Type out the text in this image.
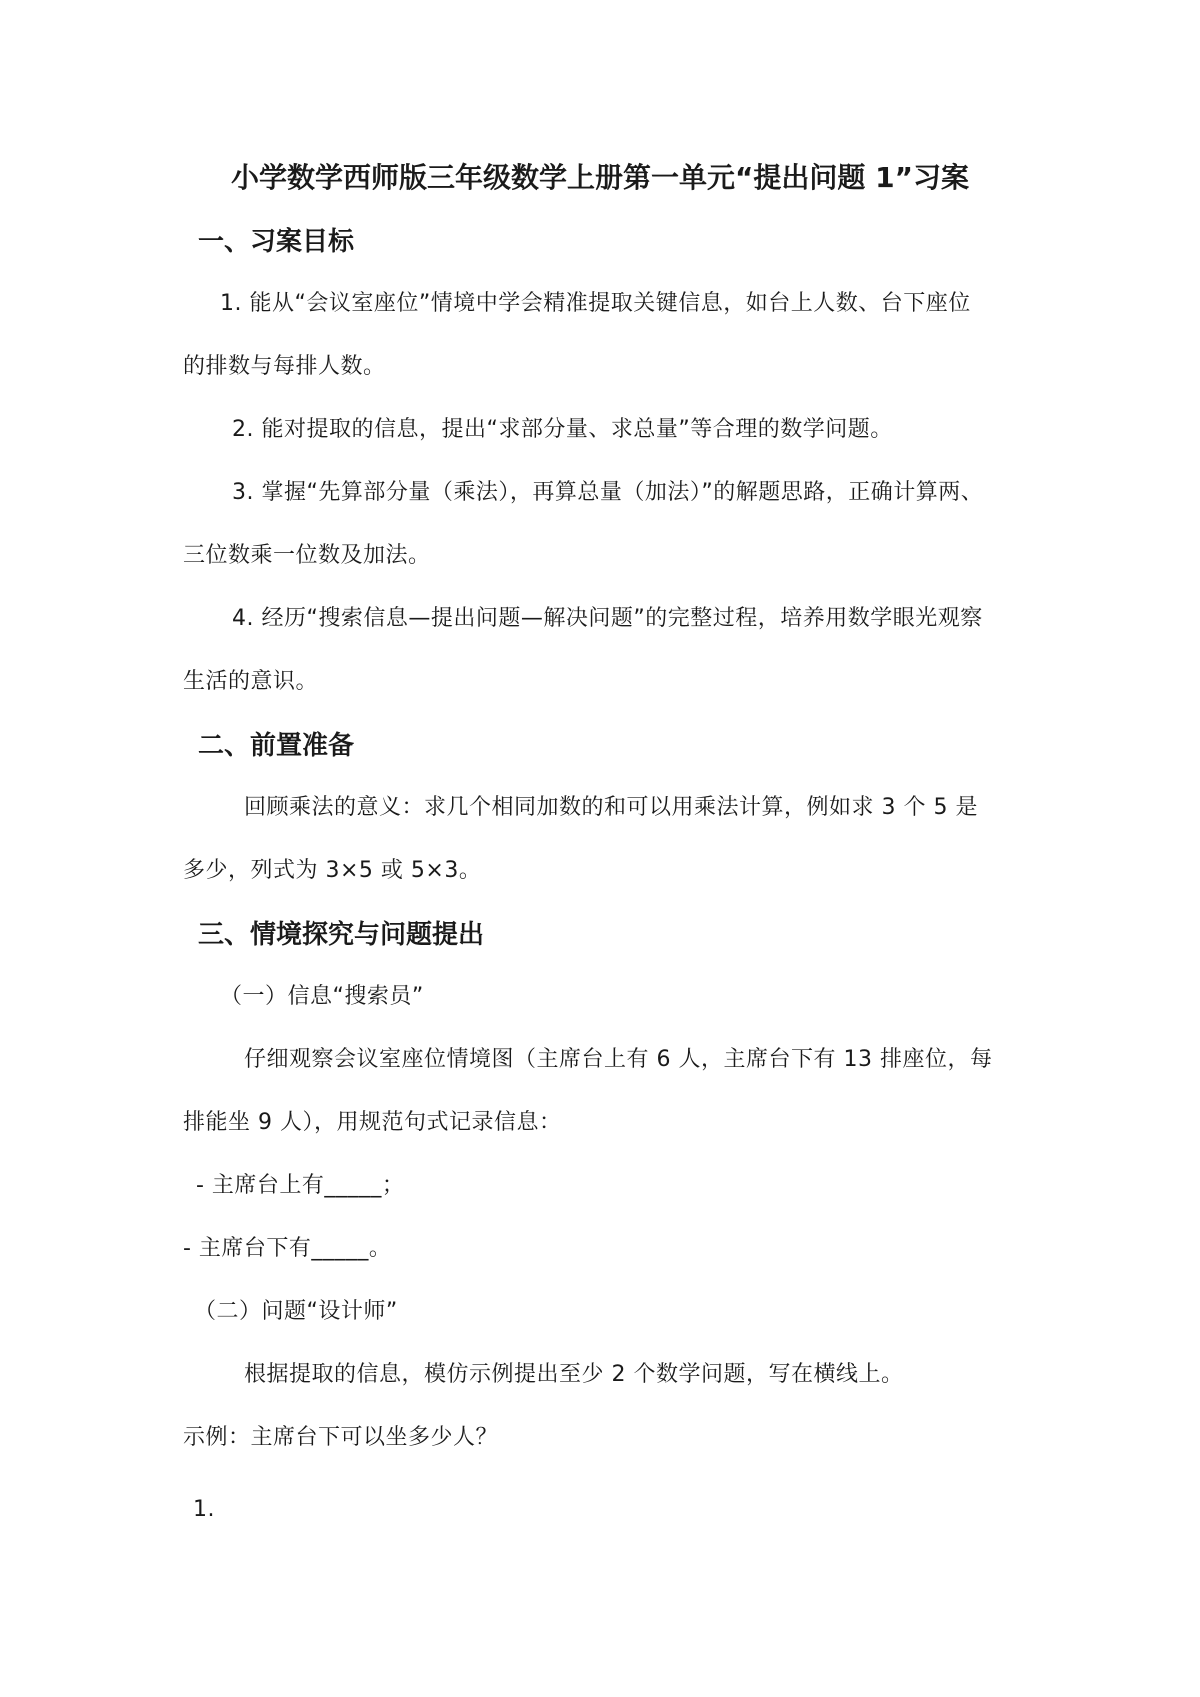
小学数学西师版三年级数学上册第一单元“提出问题 1”习案
一、习案目标
1. 能从“会议室座位”情境中学会精准提取关键信息，如台上人数、台下座位
的排数与每排人数。
2. 能对提取的信息，提出“求部分量、求总量”等合理的数学问题。
3. 掌握“先算部分量（乘法），再算总量（加法）”的解题思路，正确计算两、
三位数乘一位数及加法。
4. 经历“搜索信息—提出问题—解决问题”的完整过程，培养用数学眼光观察
生活的意识。
二、前置准备
回顾乘法的意义：求几个相同加数的和可以用乘法计算，例如求 3 个 5 是
多少，列式为 3×5 或 5×3。
三、情境探究与问题提出
（一）信息“搜索员”
仔细观察会议室座位情境图（主席台上有 6 人，主席台下有 13 排座位，每
排能坐 9 人），用规范句式记录信息：
- 主席台上有_____；
- 主席台下有_____。
（二）问题“设计师”
根据提取的信息，模仿示例提出至少 2 个数学问题，写在横线上。
示例：主席台下可以坐多少人？
1.
